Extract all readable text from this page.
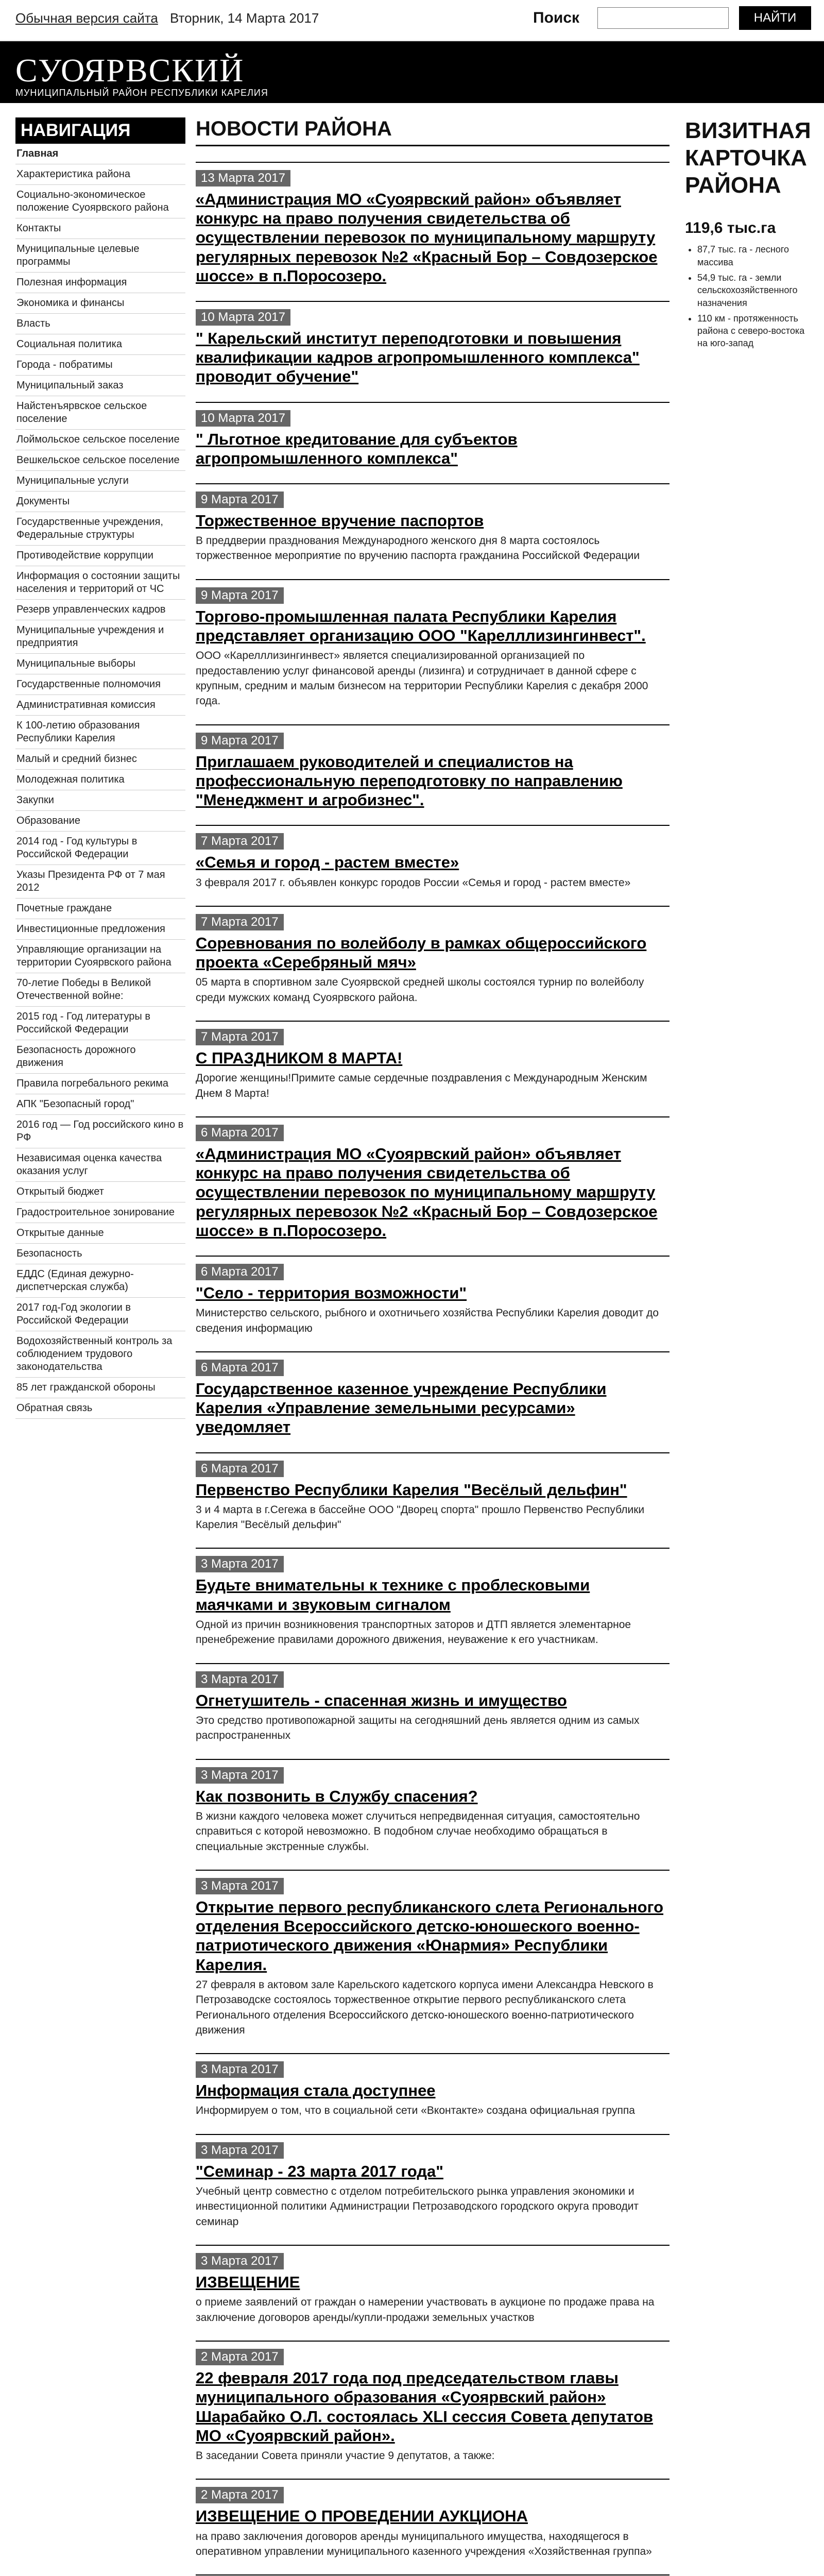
Обычная версия сайта Вторник, 14 Марта 2017	Поиск	НАЙТИ
СУОЯРВСКИЙ
МУНИЦИПАЛЬНЫЙ РАЙОН РЕСПУБЛИКИ КАРЕЛИЯ
НАВИГАЦИЯ
Главная
Характеристика района
Социально-экономическое положение Суоярвского района
Контакты
Муниципальные целевые программы
Полезная информация
Экономика и финансы
Власть
Социальная политика
Города - побратимы
Муниципальный заказ
Найстенъярвское сельское поселение
Лоймольское сельское поселение
Вешкельское сельское поселение
Муниципальные услуги
Документы
Государственные учреждения, Федеральные структуры
Противодействие коррупции
Информация о состоянии защиты населения и территорий от ЧС
Резерв управленческих кадров
Муниципальные учреждения и предприятия
Муниципальные выборы
Государственные полномочия
Административная комиссия
К 100-летию образования Республики Карелия
Малый и средний бизнес
Молодежная политика
Закупки
Образование
2014 год - Год культуры в Российской Федерации
Указы Президента РФ от 7 мая 2012
Почетные граждане
Инвестиционные предложения
Управляющие организации на территории Суоярвского района
70-летие Победы в Великой Отечественной войне:
2015 год - Год литературы в Российской Федерации
Безопасность дорожного движения
Правила погребального рекима
АПК "Безопасный город"
2016 год — Год российского кино в РФ
Независимая оценка качества оказания услуг
Открытый бюджет
Градостроительное зонирование
Открытые данные
Безопасность
ЕДДС (Единая дежурно-диспетчерская служба)
2017 год-Год экологии в Российской Федерации
Водохозяйственный контроль за соблюдением трудового законодательства
85 лет гражданской обороны
Обратная связь
НОВОСТИ РАЙОНА
13 Марта 2017
«Администрация МО «Суоярвский район» объявляет конкурс на право получения свидетельства об осуществлении перевозок по муниципальному маршруту регулярных перевозок №2 «Красный Бор – Совдозерское шоссе» в п.Поросозеро.
10 Марта 2017
" Карельский институт переподготовки и повышения квалификации кадров агропромышленного комплекса" проводит обучение"
10 Марта 2017
" Льготное кредитование для субъектов агропромышленного комплекса"
9 Марта 2017
Торжественное вручение паспортов
В преддверии празднования Международного женского дня 8 марта состоялось торжественное мероприятие по вручению паспорта гражданина Российской Федерации
9 Марта 2017
Торгово-промышленная палата Республики Карелия представляет организацию ООО "Карелллизингинвест".
ООО «Карелллизингинвест» является специализированной организацией по предоставлению услуг финансовой аренды (лизинга) и сотрудничает в данной сфере с крупным, средним и малым бизнесом на территории Республики Карелия с декабря 2000 года.
9 Марта 2017
Приглашаем руководителей и специалистов на профессиональную переподготовку по направлению "Менеджмент и агробизнес".
7 Марта 2017
«Семья и город - растем вместе»
3 февраля 2017 г. объявлен конкурс городов России «Семья и город - растем вместе»
7 Марта 2017
Соревнования по волейболу в рамках общероссийского проекта «Серебряный мяч»
05 марта в спортивном зале Суоярвской средней школы состоялся турнир по волейболу среди мужских команд Суоярвского района.
7 Марта 2017
С ПРАЗДНИКОМ 8 МАРТА!
Дорогие женщины!Примите самые сердечные поздравления с Международным Женским Днем 8 Марта!
6 Марта 2017
«Администрация МО «Суоярвский район» объявляет конкурс на право получения свидетельства об осуществлении перевозок по муниципальному маршруту регулярных перевозок №2 «Красный Бор – Совдозерское шоссе» в п.Поросозеро.
6 Марта 2017
"Село - территория возможности"
Министерство сельского, рыбного и охотничьего хозяйства Республики Карелия доводит до сведения информацию
6 Марта 2017
Государственное казенное учреждение Республики Карелия «Управление земельными ресурсами» уведомляет
6 Марта 2017
Первенство Республики Карелия "Весёлый дельфин"
3 и 4 марта в г.Сегежа в бассейне ООО "Дворец спорта" прошло Первенство Республики Карелия "Весёлый дельфин"
3 Марта 2017
Будьте внимательны к технике с проблесковыми маячками и звуковым сигналом
Одной из причин возникновения транспортных заторов и ДТП является элементарное пренебрежение правилами дорожного движения, неуважение к его участникам.
3 Марта 2017
Огнетушитель - спасенная жизнь и имущество
Это средство противопожарной защиты на сегодняшний день является одним из самых распространенных
3 Марта 2017
Как позвонить в Службу спасения?
В жизни каждого человека может случиться непредвиденная ситуация, самостоятельно справиться с которой невозможно. В подобном случае необходимо обращаться в специальные экстренные службы.
3 Марта 2017
Открытие первого республиканского слета Регионального отделения Всероссийского детско-юношеского военно-патриотического движения «Юнармия» Республики Карелия.
27 февраля в актовом зале Карельского кадетского корпуса имени Александра Невского в Петрозаводске состоялось торжественное открытие первого республиканского слета Регионального отделения Всероссийского детско-юношеского военно-патриотического движения
3 Марта 2017
Информация стала доступнее
Информируем о том, что в социальной сети «Вконтакте» создана официальная группа
3 Марта 2017
"Семинар - 23 марта 2017 года"
Учебный центр совместно с отделом потребительского рынка управления экономики и инвестиционной политики Администрации Петрозаводского городского округа проводит семинар
3 Марта 2017
ИЗВЕЩЕНИЕ
о приеме заявлений от граждан о намерении участвовать в аукционе по продаже права на заключение договоров аренды/купли-продажи земельных участков
2 Марта 2017
22 февраля 2017 года под председательством главы муниципального образования «Суоярвский район» Шарабайко О.Л. состоялась XLI сессия Совета депутатов МО «Суоярвский район».
В заседании Совета приняли участие 9 депутатов, а также:
2 Марта 2017
ИЗВЕЩЕНИЕ О ПРОВЕДЕНИИ АУКЦИОНА
на право заключения договоров аренды муниципального имущества, находящегося в оперативном управлении муниципального казенного учреждения «Хозяйственная группа»
ВИЗИТНАЯ КАРТОЧКА РАЙОНА
119,6 тыс.га
• 87,7 тыс. га - лесного массива
• 54,9 тыс. га - земли сельскохозяйственного назначения
• 110 км - протяженность района с северо-востока на юго-запад
